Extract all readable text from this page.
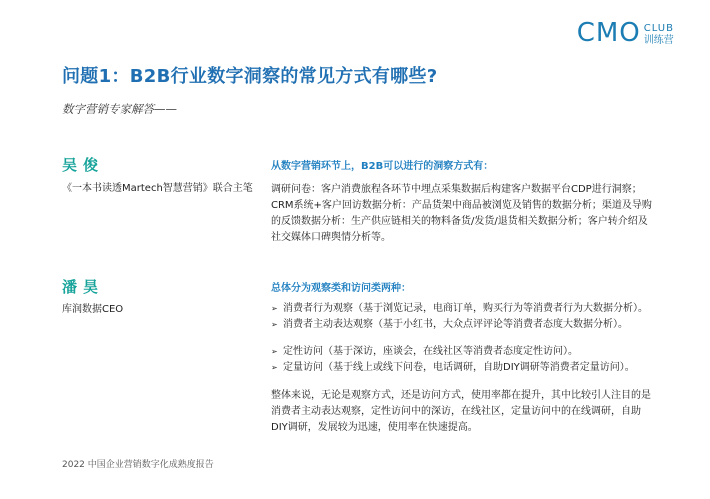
CMO CLUB
训练营
问题1：B2B行业数字洞察的常见方式有哪些?
数字营销专家解答——
吴俊
《一本书读透Martech智慧营销》联合主笔
从数字营销环节上，B2B可以进行的洞察方式有：
调研问卷：客户消费旅程各环节中埋点采集数据后构建客户数据平台CDP进行洞察；CRM系统+客户回访数据分析：产品货架中商品被浏览及销售的数据分析；渠道及导购的反馈数据分析：生产供应链相关的物料备货/发货/退货相关数据分析；客户转介绍及社交媒体口碑舆情分析等。
潘昊
库润数据CEO
总体分为观察类和访问类两种：
➢ 消费者行为观察（基于浏览记录，电商订单，购买行为等消费者行为大数据分析）。
➢ 消费者主动表达观察（基于小红书，大众点评评论等消费者态度大数据分析）。
➢ 定性访问（基于深访，座谈会，在线社区等消费者态度定性访问）。
➢ 定量访问（基于线上或线下问卷，电话调研，自助DIY调研等消费者定量访问）。
整体来说，无论是观察方式，还是访问方式，使用率都在提升，其中比较引人注目的是消费者主动表达观察，定性访问中的深访，在线社区，定量访问中的在线调研，自助DIY调研，发展较为迅速，使用率在快速提高。
2022 中国企业营销数字化成熟度报告
